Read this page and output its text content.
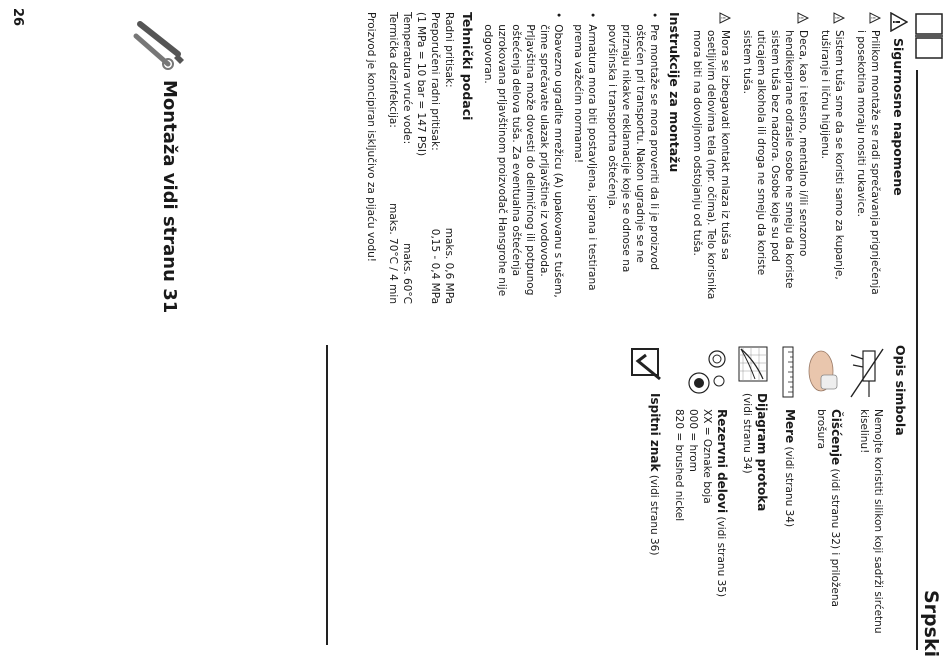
26
Srpski
!
Sigurnosne napomene
!
Prilikom montaže se radi sprečavanja prignječenja i posekotina moraju nositi rukavice.
!
Sistem tuša sme da se koristi samo za kupanje, tuširanje i ličnu higijenu.
!
Deca, kao i telesno, mentalno i/ili senzorno hendikepirane odrasle osobe ne smeju da koriste sistem tuša bez nadzora. Osobe koje su pod uticajem alkohola ili droga ne smeju da koriste sistem tuša.
!
Mora se izbegavati kontakt mlaza iz tuša sa osetljivim delovima tela (npr. očima). Telo korisnika mora biti na dovoljnom odstojanju od tuša.
Instrukcije za montažu
•
Pre montaže se mora proveriti da li je proizvod oštećen pri transportu. Nakon ugradnje se ne priznaju nikakve reklamacije koje se odnose na površinska i transportna oštećenja.
•
Armatura mora biti postavljena, isprana i testirana prema važećim normama!
•
Obavezno ugradite mrežicu (A) upakovanu s tušem, čime sprečavate ulazak prljavštine iz vodovoda. Prljavština može dovesti do delimičnog ili potpunog oštećenja delova tuša. Za eventualna oštećenja uzrokovana prljavštinom proizvođač Hansgrohe nije odgovoran.
Tehnički podaci
Radni pritisak:
maks. 0,6 MPa
Preporučeni radni pritisak:
0,15 - 0,4 MPa
(1 MPa = 10 bar = 147 PSI)
Temperatura vruće vode:
maks. 60°C
Termička dezinfekcija:
maks. 70°C / 4 min
Proizvod je koncipiran isključivo za pijaću vodu!
Opis simbola
Nemojte koristiti silikon koji sadrži sirćetnu kiselinu!
Čišćenje (vidi stranu 32) i priložena brošura
Mere (vidi stranu 34)
Dijagram protoka
(vidi stranu 34)
Rezervni delovi (vidi stranu 35)
XX = Oznake boja
000 = hrom
820 = brushed nickel
Ispitni znak (vidi stranu 36)
Montaža vidi stranu 31
